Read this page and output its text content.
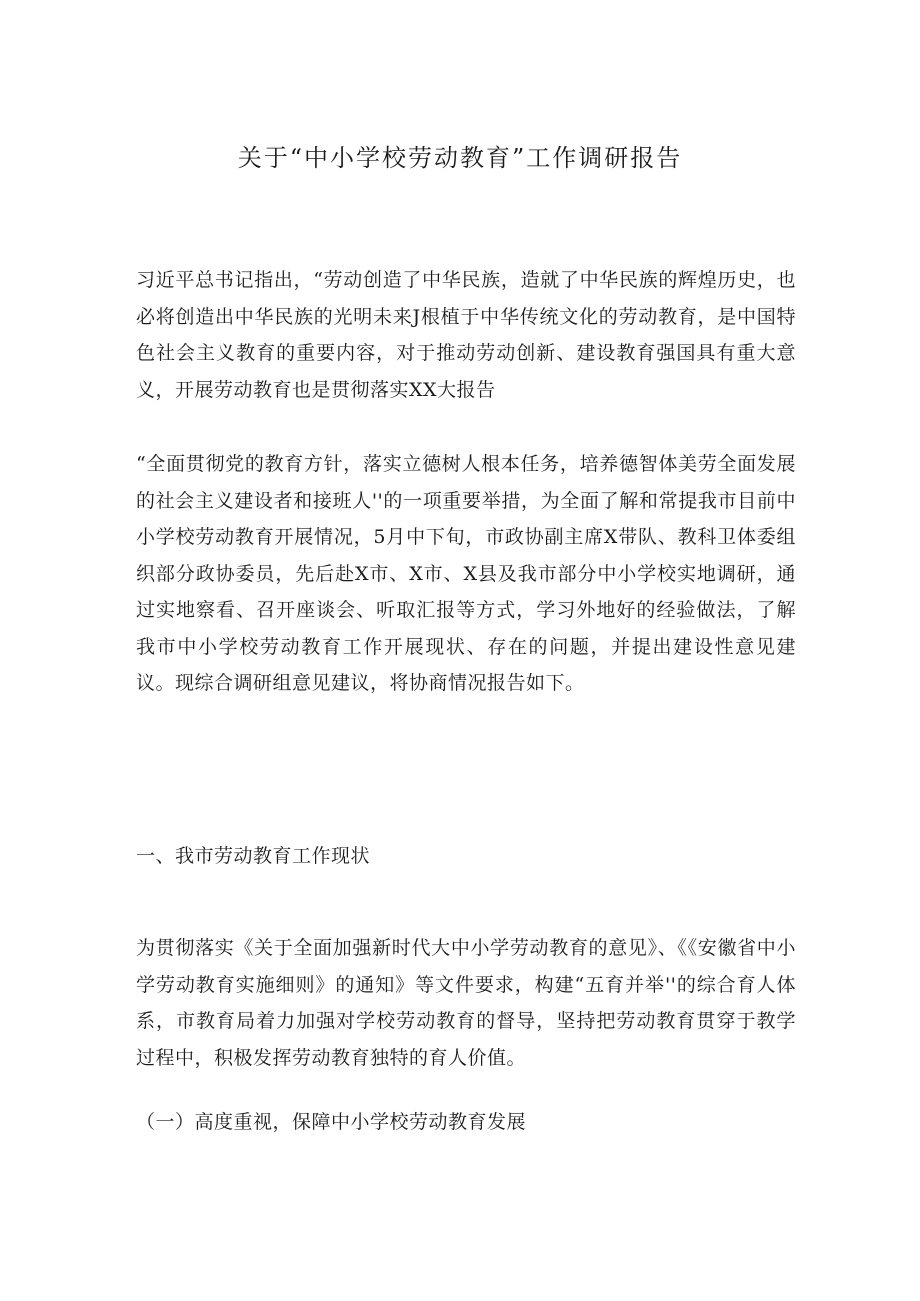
关于“中小学校劳动教育”工作调研报告

习近平总书记指出，“劳动创造了中华民族，造就了中华民族的辉煌历史，也必将创造出中华民族的光明未来J根植于中华传统文化的劳动教育，是中国特色社会主义教育的重要内容，对于推动劳动创新、建设教育强国具有重大意义，开展劳动教育也是贯彻落实XX大报告

“全面贯彻党的教育方针，落实立德树人根本任务，培养德智体美劳全面发展的社会主义建设者和接班人''的一项重要举措，为全面了解和常提我市目前中小学校劳动教育开展情况，5月中下旬，市政协副主席X带队、教科卫体委组织部分政协委员，先后赴X市、X市、X县及我市部分中小学校实地调研，通过实地察看、召开座谈会、听取汇报等方式，学习外地好的经验做法，了解我市中小学校劳动教育工作开展现状、存在的问题，并提出建设性意见建议。现综合调研组意见建议，将协商情况报告如下。

一、我市劳动教育工作现状

为贯彻落实《关于全面加强新时代大中小学劳动教育的意见》、《《安徽省中小学劳动教育实施细则》的通知》等文件要求，构建“五育并举''的综合育人体系，市教育局着力加强对学校劳动教育的督导，坚持把劳动教育贯穿于教学过程中，积极发挥劳动教育独特的育人价值。

（一）高度重视，保障中小学校劳动教育发展
